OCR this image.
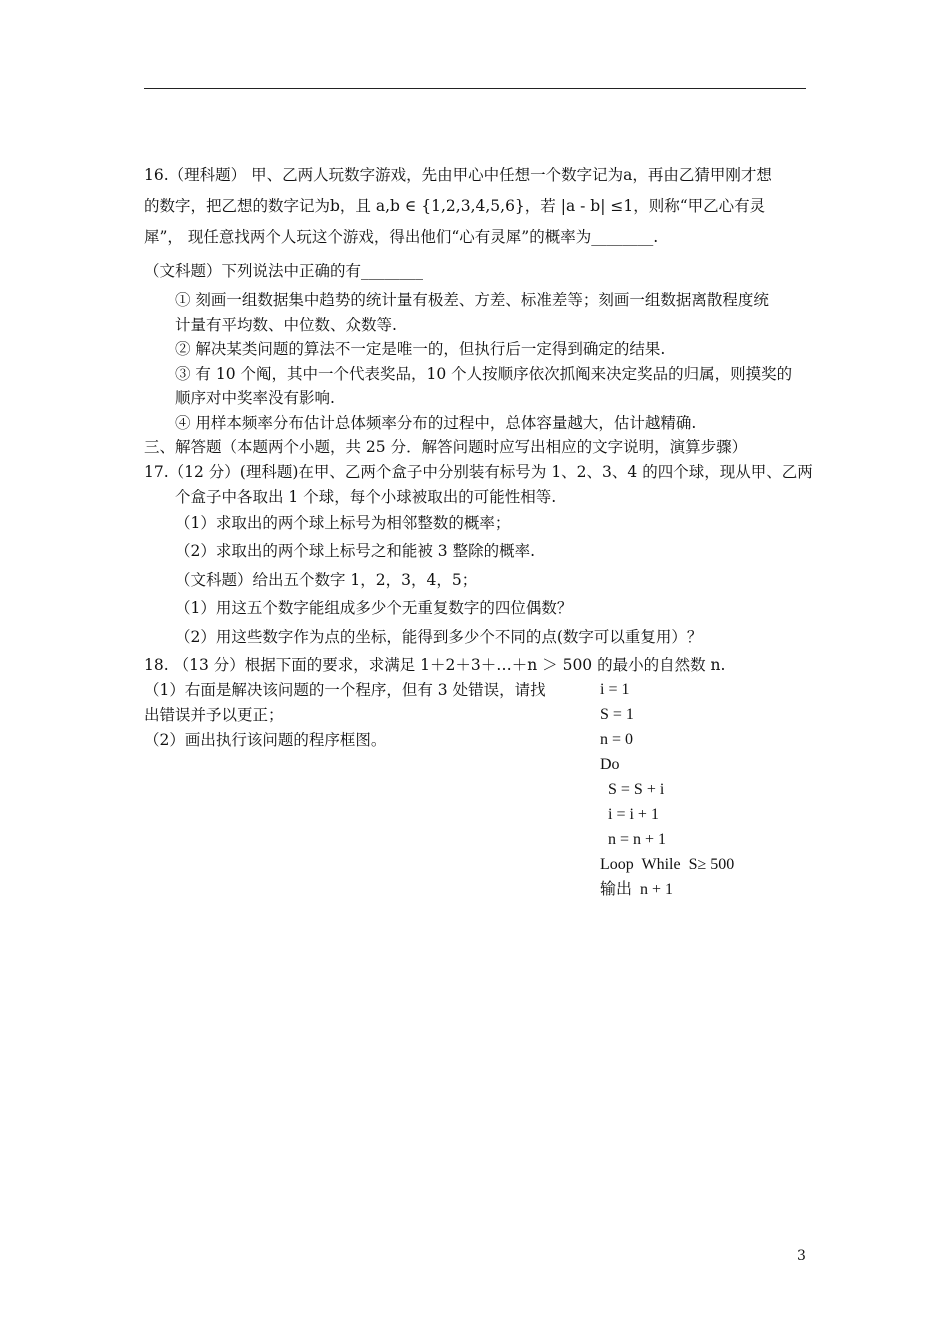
16.（理科题） 甲、乙两人玩数字游戏，先由甲心中任想一个数字记为a，再由乙猜甲刚才想
的数字，把乙想的数字记为b，且 a,b ∈ {1,2,3,4,5,6}，若 |a - b| ≤1，则称“甲乙心有灵
犀”， 现任意找两个人玩这个游戏，得出他们“心有灵犀”的概率为________.
（文科题）下列说法中正确的有________
① 刻画一组数据集中趋势的统计量有极差、方差、标准差等；刻画一组数据离散程度统
计量有平均数、中位数、众数等.
② 解决某类问题的算法不一定是唯一的，但执行后一定得到确定的结果.
③ 有 10 个阄，其中一个代表奖品，10 个人按顺序依次抓阄来决定奖品的归属，则摸奖的
顺序对中奖率没有影响.
④ 用样本频率分布估计总体频率分布的过程中，总体容量越大，估计越精确.
三、解答题（本题两个小题，共 25 分．解答问题时应写出相应的文字说明，演算步骤）
17.（12 分）(理科题)在甲、乙两个盒子中分别装有标号为 1、2、3、4 的四个球，现从甲、乙两
个盒子中各取出 1 个球，每个小球被取出的可能性相等.
（1）求取出的两个球上标号为相邻整数的概率；
（2）求取出的两个球上标号之和能被 3 整除的概率.
（文科题）给出五个数字 1，2，3，4，5；
（1）用这五个数字能组成多少个无重复数字的四位偶数？
（2）用这些数字作为点的坐标，能得到多少个不同的点(数字可以重复用）？
18. （13 分）根据下面的要求，求满足 1＋2＋3＋…＋n ＞ 500 的最小的自然数 n.
（1）右面是解决该问题的一个程序，但有 3 处错误，请找
出错误并予以更正；
（2）画出执行该问题的程序框图。
i = 1
S = 1
n = 0
Do
S = S + i
i = i + 1
n = n + 1
Loop  While  S≥ 500
输出  n + 1
3
